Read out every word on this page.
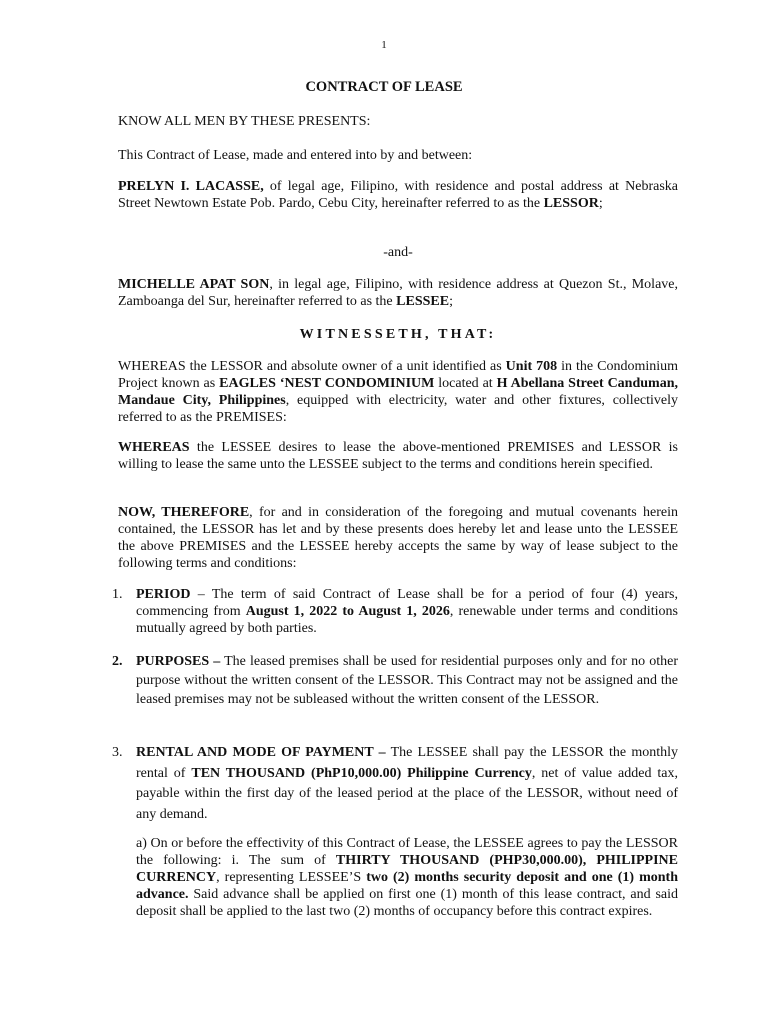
1
CONTRACT OF LEASE
KNOW ALL MEN BY THESE PRESENTS:
This Contract of Lease, made and entered into by and between:
PRELYN I. LACASSE, of legal age, Filipino, with residence and postal address at Nebraska Street Newtown Estate Pob. Pardo, Cebu City, hereinafter referred to as the LESSOR;
-and-
MICHELLE APAT SON, in legal age, Filipino, with residence address at Quezon St., Molave, Zamboanga del Sur, hereinafter referred to as the LESSEE;
WITNESSETH, THAT:
WHEREAS the LESSOR and absolute owner of a unit identified as Unit 708 in the Condominium Project known as EAGLES ‘NEST CONDOMINIUM located at H Abellana Street Canduman, Mandaue City, Philippines, equipped with electricity, water and other fixtures, collectively referred to as the PREMISES:
WHEREAS the LESSEE desires to lease the above-mentioned PREMISES and LESSOR is willing to lease the same unto the LESSEE subject to the terms and conditions herein specified.
NOW, THEREFORE, for and in consideration of the foregoing and mutual covenants herein contained, the LESSOR has let and by these presents does hereby let and lease unto the LESSEE the above PREMISES and the LESSEE hereby accepts the same by way of lease subject to the following terms and conditions:
1. PERIOD – The term of said Contract of Lease shall be for a period of four (4) years, commencing from August 1, 2022 to August 1, 2026, renewable under terms and conditions mutually agreed by both parties.
2. PURPOSES – The leased premises shall be used for residential purposes only and for no other purpose without the written consent of the LESSOR. This Contract may not be assigned and the leased premises may not be subleased without the written consent of the LESSOR.
3. RENTAL AND MODE OF PAYMENT – The LESSEE shall pay the LESSOR the monthly rental of TEN THOUSAND (PhP10,000.00) Philippine Currency, net of value added tax, payable within the first day of the leased period at the place of the LESSOR, without need of any demand.
a) On or before the effectivity of this Contract of Lease, the LESSEE agrees to pay the LESSOR the following: i. The sum of THIRTY THOUSAND (PHP30,000.00), PHILIPPINE CURRENCY, representing LESSEE’S two (2) months security deposit and one (1) month advance. Said advance shall be applied on first one (1) month of this lease contract, and said deposit shall be applied to the last two (2) months of occupancy before this contract expires.
